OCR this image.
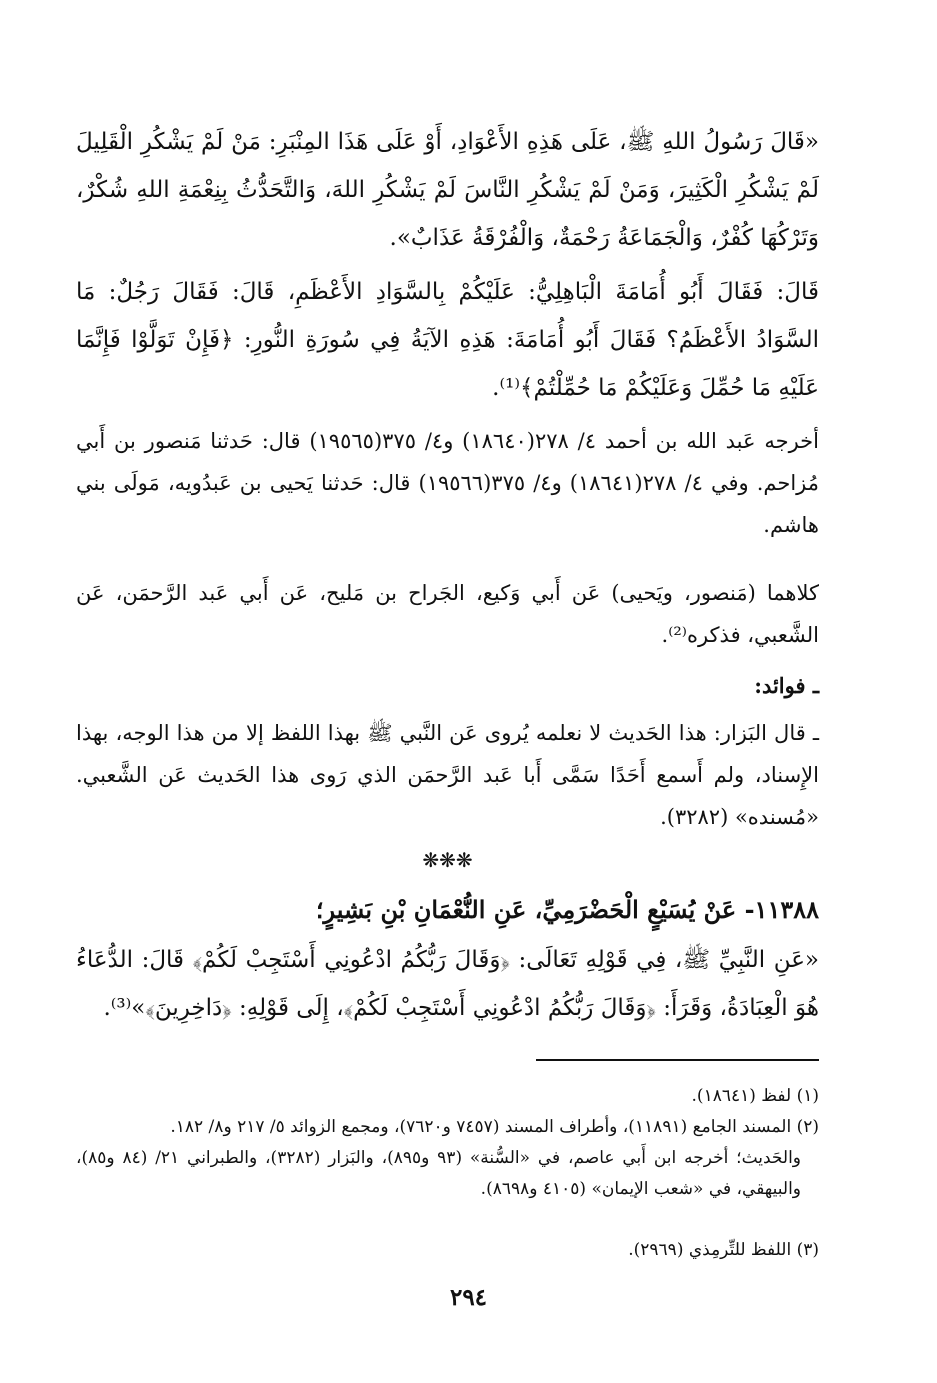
«قَالَ رَسُولُ اللهِ ﷺ، عَلَى هَذِهِ الأَعْوَادِ، أَوْ عَلَى هَذَا المِنْبَرِ: مَنْ لَمْ يَشْكُرِ الْقَلِيلَ لَمْ يَشْكُرِ الْكَثِيرَ، وَمَنْ لَمْ يَشْكُرِ النَّاسَ لَمْ يَشْكُرِ اللهَ، وَالتَّحَدُّثُ بِنِعْمَةِ اللهِ شُكْرٌ، وَتَرْكُهَا كُفْرٌ، وَالْجَمَاعَةُ رَحْمَةٌ، وَالْفُرْقَةُ عَذَابٌ».

قَالَ: فَقَالَ أَبُو أُمَامَةَ الْبَاهِلِيُّ: عَلَيْكُمْ بِالسَّوَادِ الأَعْظَمِ، قَالَ: فَقَالَ رَجُلٌ: مَا السَّوَادُ الأَعْظَمُ؟ فَقَالَ أَبُو أُمَامَةَ: هَذِهِ الآيَةُ فِي سُورَةِ النُّورِ: ﴿فَإِنْ تَوَلَّوْا فَإِنَّمَا عَلَيْهِ مَا حُمِّلَ وَعَلَيْكُمْ مَا حُمِّلْتُمْ﴾⁽¹⁾.

أخرجه عَبد الله بن أحمد ٤/ ٢٧٨(١٨٦٤٠) و٤/ ٣٧٥(١٩٥٦٥) قال: حَدثنا مَنصور بن أَبي مُزاحم. وفي ٤/ ٢٧٨(١٨٦٤١) و٤/ ٣٧٥(١٩٥٦٦) قال: حَدثنا يَحيى بن عَبدُويه، مَولَى بني هاشم.

كلاهما (مَنصور، ويَحيى) عَن أَبي وَكيع، الجَراح بن مَليح، عَن أَبي عَبد الرَّحمَن، عَن الشَّعبي، فذكره⁽²⁾.

ـ فوائد:

ـ قال البَزار: هذا الحَديث لا نعلمه يُروى عَن النَّبي ﷺ بهذا اللفظ إلا من هذا الوجه، بهذا الإِسناد، ولم أَسمع أَحَدًا سَمَّى أَبا عَبد الرَّحمَن الذي رَوى هذا الحَديث عَن الشَّعبي. «مُسنده» (٣٢٨٢).

❋❋❋

١١٣٨٨- عَنْ يُسَيْعٍ الْحَضْرَمِيِّ، عَنِ النُّعْمَانِ بْنِ بَشِيرٍ؛

«عَنِ النَّبِيِّ ﷺ، فِي قَوْلِهِ تَعَالَى: ﴿وَقَالَ رَبُّكُمُ ادْعُونِي أَسْتَجِبْ لَكُمْ﴾ قَالَ: الدُّعَاءُ هُوَ الْعِبَادَةُ، وَقَرَأَ: ﴿وَقَالَ رَبُّكُمُ ادْعُونِي أَسْتَجِبْ لَكُمْ﴾، إِلَى قَوْلِهِ: ﴿دَاخِرِينَ﴾»⁽³⁾.

(١) لفظ (١٨٦٤١).

(٢) المسند الجامع (١١٨٩١)، وأطراف المسند (٧٤٥٧ و٧٦٢٠)، ومجمع الزوائد ٥/ ٢١٧ و٨/ ١٨٢.

والحَديث؛ أخرجه ابن أَبي عاصم، في «السُّنة» (٩٣ و٨٩٥)، والبَزار (٣٢٨٢)، والطبراني ٢١/ (٨٤ و٨٥)، والبيهقي، في «شعب الإيمان» (٤١٠٥ و٨٦٩٨).

(٣) اللفظ للتِّرمِذي (٢٩٦٩).

٢٩٤
